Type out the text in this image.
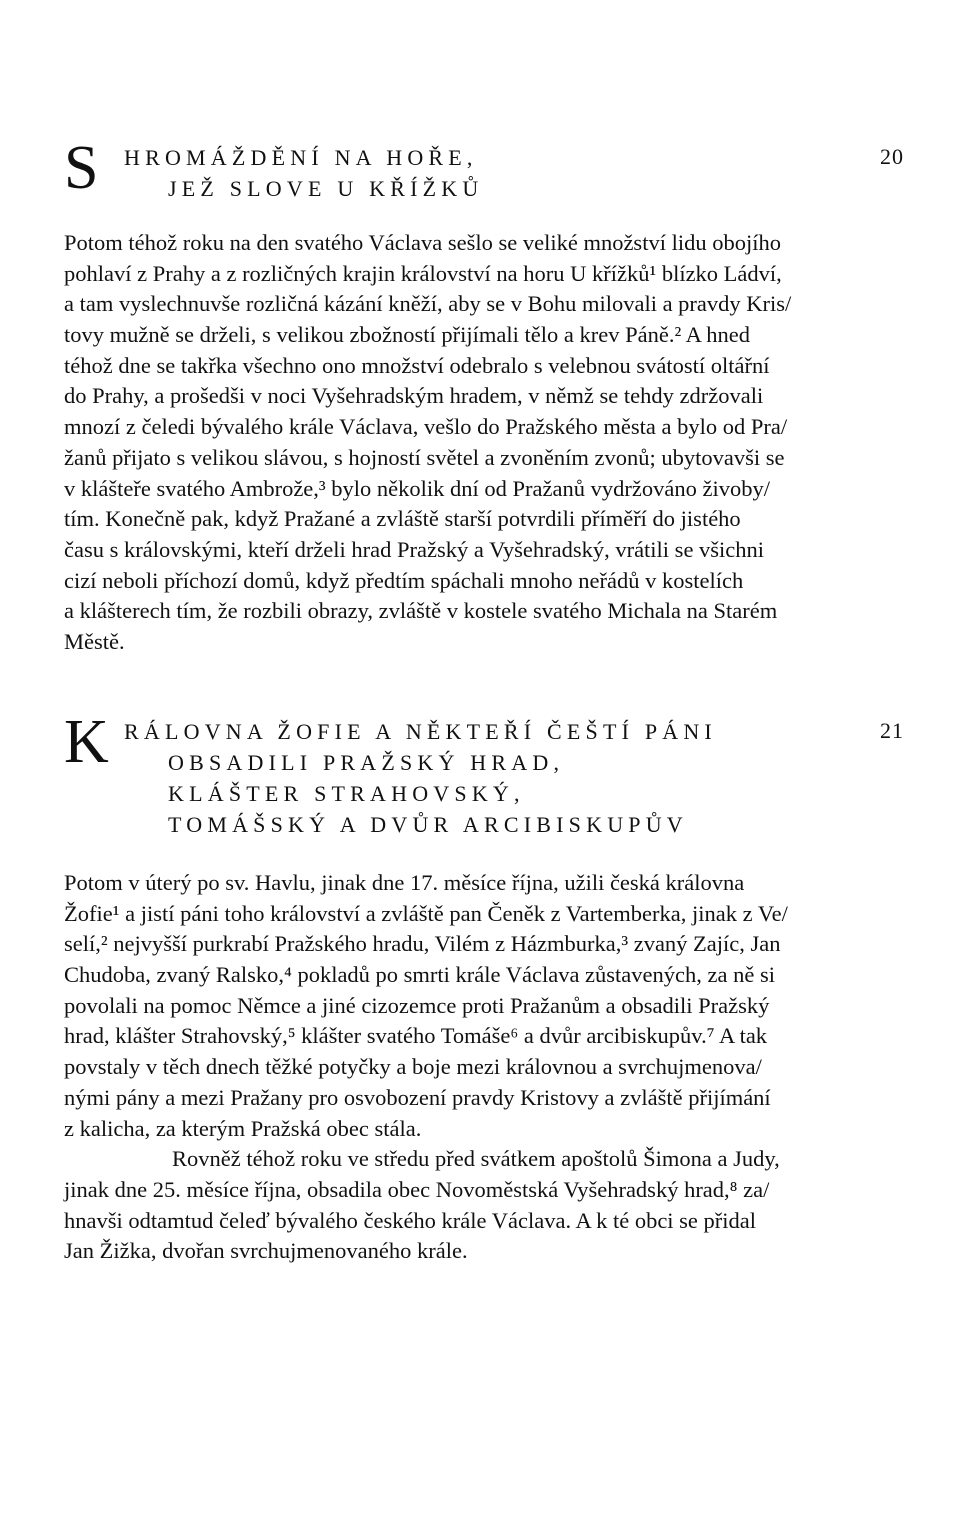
S HROMÁŽDĚNÍ NA HOŘE,
JEŽ SLOVE U KŘÍŽKŮ
20
Potom téhož roku na den svatého Václava sešlo se veliké množství lidu obojího
pohlaví z Prahy a z rozličných krajin království na horu U křížků¹ blízko Ládví,
a tam vyslechnuvše rozličná kázání kněží, aby se v Bohu milovali a pravdy Kris/
tovy mužně se drželi, s velikou zbožností přijímali tělo a krev Páně.² A hned
téhož dne se takřka všechno ono množství odebralo s velebnou svátostí oltářní
do Prahy, a prošedši v noci Vyšehradským hradem, v němž se tehdy zdržovali
mnozí z čeledi bývalého krále Václava, vešlo do Pražského města a bylo od Pra/
žanů přijato s velikou slávou, s hojností světel a zvoněním zvonů; ubytovavši se
v klášteře svatého Ambrože,³ bylo několik dní od Pražanů vydržováno živoby/
tím. Konečně pak, když Pražané a zvláště starší potvrdili příměří do jistého
času s královskými, kteří drželi hrad Pražský a Vyšehradský, vrátili se všichni
cizí neboli příchozí domů, když předtím spáchali mnoho neřádů v kostelích
a klášterech tím, že rozbili obrazy, zvláště v kostele svatého Michala na Starém
Městě.
K RÁLOVNA ŽOFIE A NĚKTEŘÍ ČEŠTÍ PÁNI
OBSADILI PRAŽSKÝ HRAD,
KLÁŠTER STRAHOVSKÝ,
TOMÁŠSKÝ A DVŮR ARCIBISKUPŮV
21
Potom v úterý po sv. Havlu, jinak dne 17. měsíce října, užili česká královna
Žofie¹ a jistí páni toho království a zvláště pan Čeněk z Vartemberka, jinak z Ve/
selí,² nejvyšší purkrabí Pražského hradu, Vilém z Házmburka,³ zvaný Zajíc, Jan
Chudoba, zvaný Ralsko,⁴ pokladů po smrti krále Václava zůstavených, za ně si
povolali na pomoc Němce a jiné cizozemce proti Pražanům a obsadili Pražský
hrad, klášter Strahovský,⁵ klášter svatého Tomáše⁶ a dvůr arcibiskupův.⁷ A tak
povstaly v těch dnech těžké potyčky a boje mezi královnou a svrchujmenova/
nými pány a mezi Pražany pro osvobození pravdy Kristovy a zvláště přijímání
z kalicha, za kterým Pražská obec stála.
Rovněž téhož roku ve středu před svátkem apoštolů Šimona a Judy,
jinak dne 25. měsíce října, obsadila obec Novoměstská Vyšehradský hrad,⁸ za/
hnavši odtamtud čeleď bývalého českého krále Václava. A k té obci se přidal
Jan Žižka, dvořan svrchujmenovaného krále.
